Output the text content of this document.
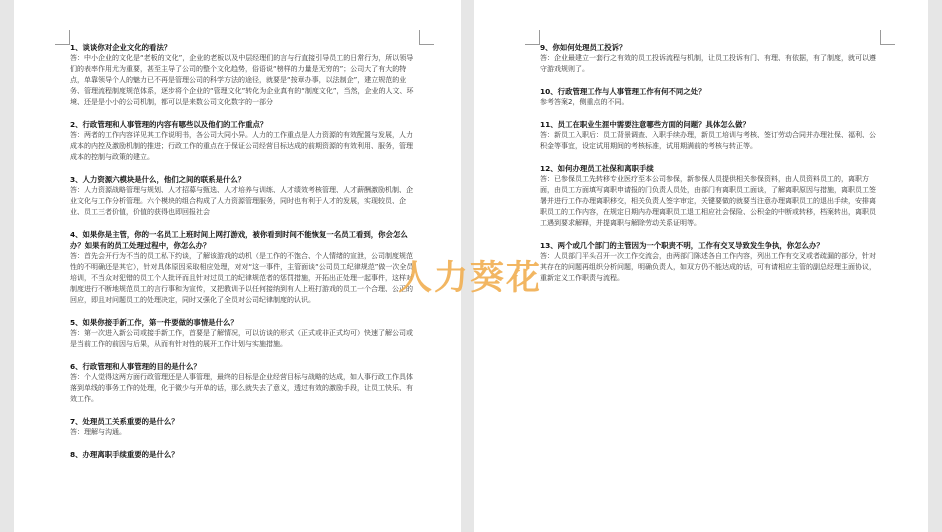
1、谈谈你对企业文化的看法？
答：中小企业的文化是“老板的文化”，企业的老板以及中层经理们的言与行直接引导员工的日常行为，所以领导们的表率作用尤为重要，甚至主导了公司的整个文化趋势，俗语说“榜样的力量是无穷的”；公司大了有大的特点，单靠领导个人的魅力已不再是管理公司的科学方法的途径，就要是“按章办事，以法制企”，建立规范的业务、管理流程制度规范体系，逐步将个企业的“管理文化”转化为企业真有的“制度文化”，当然，企业的人文、环境、还是是小小的公司机制，都可以是来数公司文化数字的一部分
2、行政管理和人事管理的内容有哪些以及他们的工作重点？
答：两者的工作内容详见其工作说明书，各公司大同小异。人力的工作重点是人力资源的有效配置与发展，人力成本的内控及激励机制的推进；行政工作的重点在于保证公司经营目标达成的前期资源的有效利用、服务，管理成本的控制与政策的建立。
3、人力资源六模块是什么，他们之间的联系是什么？
答：人力资源战略管理与规划、人才招募与甄选、人才培养与训练、人才绩效考核管理、人才薪酬激励机制、企业文化与工作分析管理。六个模块的组合构成了人力资源管理服务，同时也有利于人才的发展，实现较员、企业、员工三者价值，价值的获得也即回报社会
4、如果你是主管，你的一名员工上班时间上网打游戏，被你看到时间不能恢复一名员工看到，你会怎么办？如果有的员工处理过程中，你怎么办？
答：首先会开行为不当的员工私下约谈，了解该游戏的动机（是工作的不饱合、个人情绪的宣泄，公司制度规范性的不明确还是其它），针对具体原因采取相应处理，对对“这一事件，主管面谈“公司员工纪律规范”做一次全员培训，不当众对犯错的员工个人批评而且针对过员工的纪律规范者的惩罚措施，开拓出正处理一起事件，这样对制度进行不断地规范员工的言行事和为宣传，又把教训予以任何接纳到有人上班打游戏的员工一个合理、公正的回应，即且对问题员工的处理决定，同时又强化了全员对公司纪律制度的认识。
5、如果你接手新工作，第一件要做的事情是什么？
答：第一次进入新公司或接手新工作，首要是了解情况，可以访谈的形式（正式或非正式均可）快速了解公司或是当前工作的前因与后果，从而有针对性的展开工作计划与实施措施。
6、行政管理和人事管理的目的是什么？
答：个人觉得这两方面行政管理还是人事管理，最终的目标是企业经营目标与战略的达成，如人事行政工作具体落到单线的事务工作的处理，化于微少与开单的话，那么就失去了意义，透过有效的激励手段，让员工快乐、有效工作。
7、处理员工关系重要的是什么？
答：理解与沟通。
8、办理离职手续重要的是什么？
9、你如何处理员工投诉？
答：企业最建立一套行之有效的员工投诉流程与机制，让员工投诉有门、有理、有依据，有了制度，就可以遵守游戏规则了。
10、行政管理工作与人事管理工作有何不同之处？
参考答案2，侧重点的不同。
11、员工在职业生涯中需要注意哪些方面的问题？具体怎么做？
答：新员工入职后：员工背景调查、入职手续办理，新员工培训与考核、签订劳动合同并办理社保、福利、公积金等事宜，设定试用期间的考核标准，试用期满前的考核与转正等。
12、如何办理员工社保和离职手续
答：已参保员工先转移专业医疗至本公司参保，新参保人员提供相关参保资料，由人员资料员工的，离职方面，由员工方面填写离职申请报的门负责人员处，由部门有离职员工面谈，了解离职原因与措施，离职员工签署并进行工作办理离职移交，相关负责人签字审定，关键要做的就要当注意办理离职员工的退出手续，安排离职员工的工作内容，在规定日期内办理离职员工退工相应社会保险、公积金的中断或转移，档案转出，离职员工遇到要求解释，并提离职与解除劳动关系证明等。
13、两个或几个部门的主管因为一个职责不明，工作有交叉导致发生争执，你怎么办？
答：人员部门平头召开一次工作交流会，由两部门陈述各自工作内容，列出工作有交叉或者疏漏的部分，针对其存在的问题再组织分析问题，明确负责人，如双方仍不能达成的话，可有请相应主管的副总经理主面协议，重新定义工作职责与流程。
人力葵花
